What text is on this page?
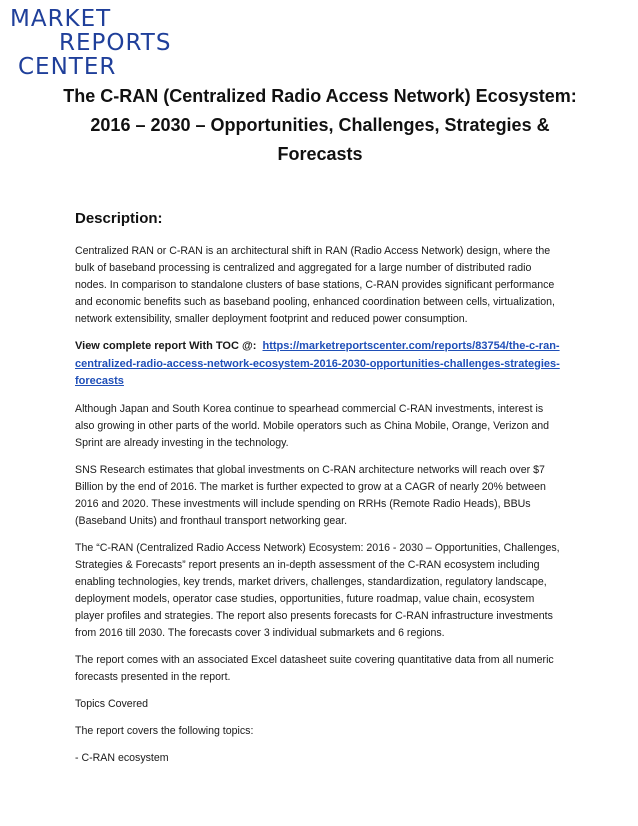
MARKET
REPORTS
CENTER
The C-RAN (Centralized Radio Access Network) Ecosystem: 2016 – 2030 – Opportunities, Challenges, Strategies & Forecasts
Description:

Centralized RAN or C-RAN is an architectural shift in RAN (Radio Access Network) design, where the bulk of baseband processing is centralized and aggregated for a large number of distributed radio nodes. In comparison to standalone clusters of base stations, C-RAN provides significant performance and economic benefits such as baseband pooling, enhanced coordination between cells, virtualization, network extensibility, smaller deployment footprint and reduced power consumption.

View complete report With TOC @: https://marketreportscenter.com/reports/83754/the-c-ran-centralized-radio-access-network-ecosystem-2016-2030-opportunities-challenges-strategies-forecasts

Although Japan and South Korea continue to spearhead commercial C-RAN investments, interest is also growing in other parts of the world. Mobile operators such as China Mobile, Orange, Verizon and Sprint are already investing in the technology.

SNS Research estimates that global investments on C-RAN architecture networks will reach over $7 Billion by the end of 2016. The market is further expected to grow at a CAGR of nearly 20% between 2016 and 2020. These investments will include spending on RRHs (Remote Radio Heads), BBUs (Baseband Units) and fronthaul transport networking gear.

The “C-RAN (Centralized Radio Access Network) Ecosystem: 2016 - 2030 – Opportunities, Challenges, Strategies & Forecasts” report presents an in-depth assessment of the C-RAN ecosystem including enabling technologies, key trends, market drivers, challenges, standardization, regulatory landscape, deployment models, operator case studies, opportunities, future roadmap, value chain, ecosystem player profiles and strategies. The report also presents forecasts for C-RAN infrastructure investments from 2016 till 2030. The forecasts cover 3 individual submarkets and 6 regions.

The report comes with an associated Excel datasheet suite covering quantitative data from all numeric forecasts presented in the report.

Topics Covered

The report covers the following topics:

- C-RAN ecosystem
